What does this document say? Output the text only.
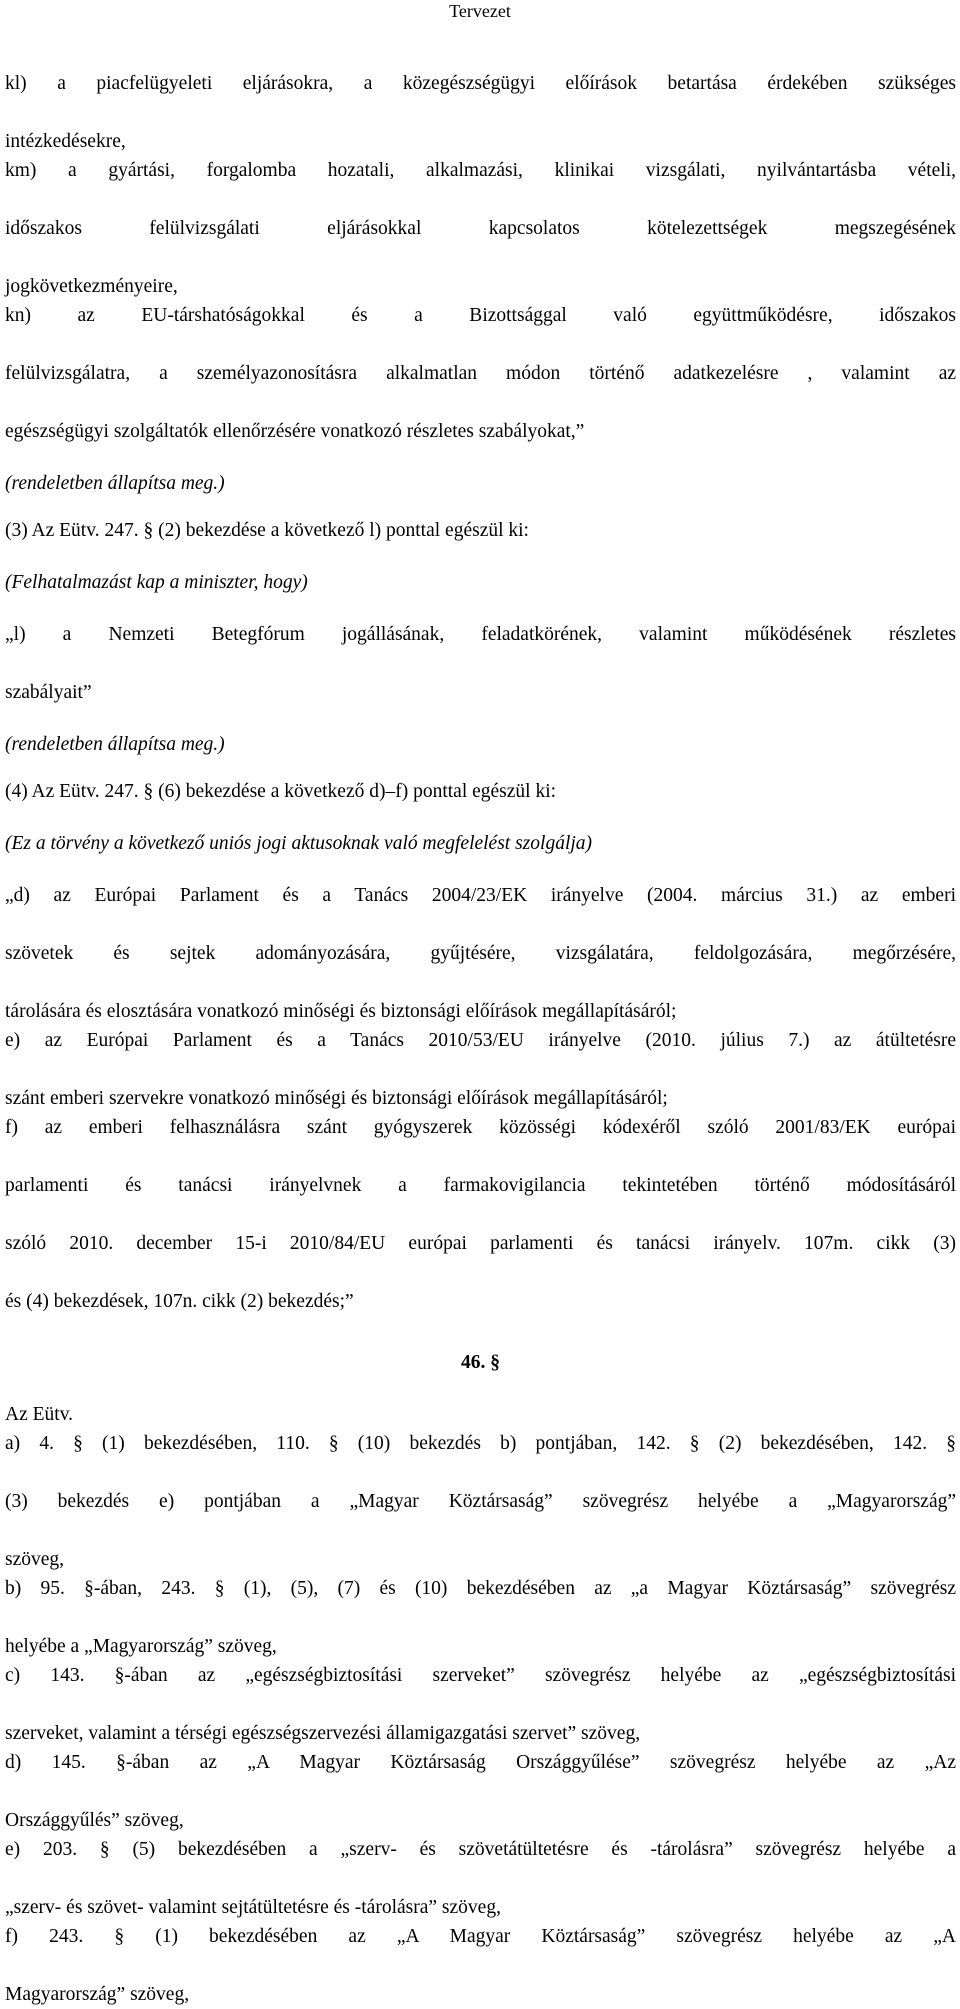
Tervezet
kl) a piacfelügyeleti eljárásokra, a közegészségügyi előírások betartása érdekében szükséges
intézkedésekre,
km) a gyártási, forgalomba hozatali, alkalmazási, klinikai vizsgálati, nyilvántartásba vételi,
időszakos felülvizsgálati eljárásokkal kapcsolatos kötelezettségek megszegésének
jogkövetkezményeire,
kn) az EU-társhatóságokkal és a Bizottsággal való együttműködésre, időszakos
felülvizsgálatra, a személyazonosításra alkalmatlan módon történő adatkezelésre , valamint az
egészségügyi szolgáltatók ellenőrzésére vonatkozó részletes szabályokat,”
(rendeletben állapítsa meg.)
(3) Az Eütv. 247. § (2) bekezdése a következő l) ponttal egészül ki:
(Felhatalmazást kap a miniszter, hogy)
„l) a Nemzeti Betegfórum jogállásának, feladatkörének, valamint működésének részletes
szabályait”
(rendeletben állapítsa meg.)
(4) Az Eütv. 247. § (6) bekezdése a következő d)–f) ponttal egészül ki:
(Ez a törvény a következő uniós jogi aktusoknak való megfelelést szolgálja)
„d) az Európai Parlament és a Tanács 2004/23/EK irányelve (2004. március 31.) az emberi
szövetek és sejtek adományozására, gyűjtésére, vizsgálatára, feldolgozására, megőrzésére,
tárolására és elosztására vonatkozó minőségi és biztonsági előírások megállapításáról;
e) az Európai Parlament és a Tanács 2010/53/EU irányelve (2010. július 7.) az átültetésre
szánt emberi szervekre vonatkozó minőségi és biztonsági előírások megállapításáról;
f) az emberi felhasználásra szánt gyógyszerek közösségi kódexéről szóló 2001/83/EK európai
parlamenti és tanácsi irányelvnek a farmakovigilancia tekintetében történő módosításáról
szóló 2010. december 15-i 2010/84/EU európai parlamenti és tanácsi irányelv. 107m. cikk (3)
és (4) bekezdések, 107n. cikk (2) bekezdés;”
46. §
Az Eütv.
a) 4. § (1) bekezdésében, 110. § (10) bekezdés b) pontjában, 142. § (2) bekezdésében, 142. §
(3) bekezdés e) pontjában a „Magyar Köztársaság” szövegrész helyébe a „Magyarország”
szöveg,
b) 95. §-ában, 243. § (1), (5), (7) és (10) bekezdésében az „a Magyar Köztársaság” szövegrész
helyébe a „Magyarország” szöveg,
c) 143. §-ában az „egészségbiztosítási szerveket” szövegrész helyébe az „egészségbiztosítási
szerveket, valamint a térségi egészségszervezési államigazgatási szervet” szöveg,
d) 145. §-ában az „A Magyar Köztársaság Országgyűlése” szövegrész helyébe az „Az
Országgyűlés” szöveg,
e) 203. § (5) bekezdésében a „szerv- és szövetátültetésre és -tárolásra” szövegrész helyébe a
„szerv- és szövet- valamint sejtátültetésre és -tárolásra” szöveg,
f) 243. § (1) bekezdésében az „A Magyar Köztársaság” szövegrész helyébe az „A
Magyarország” szöveg,
